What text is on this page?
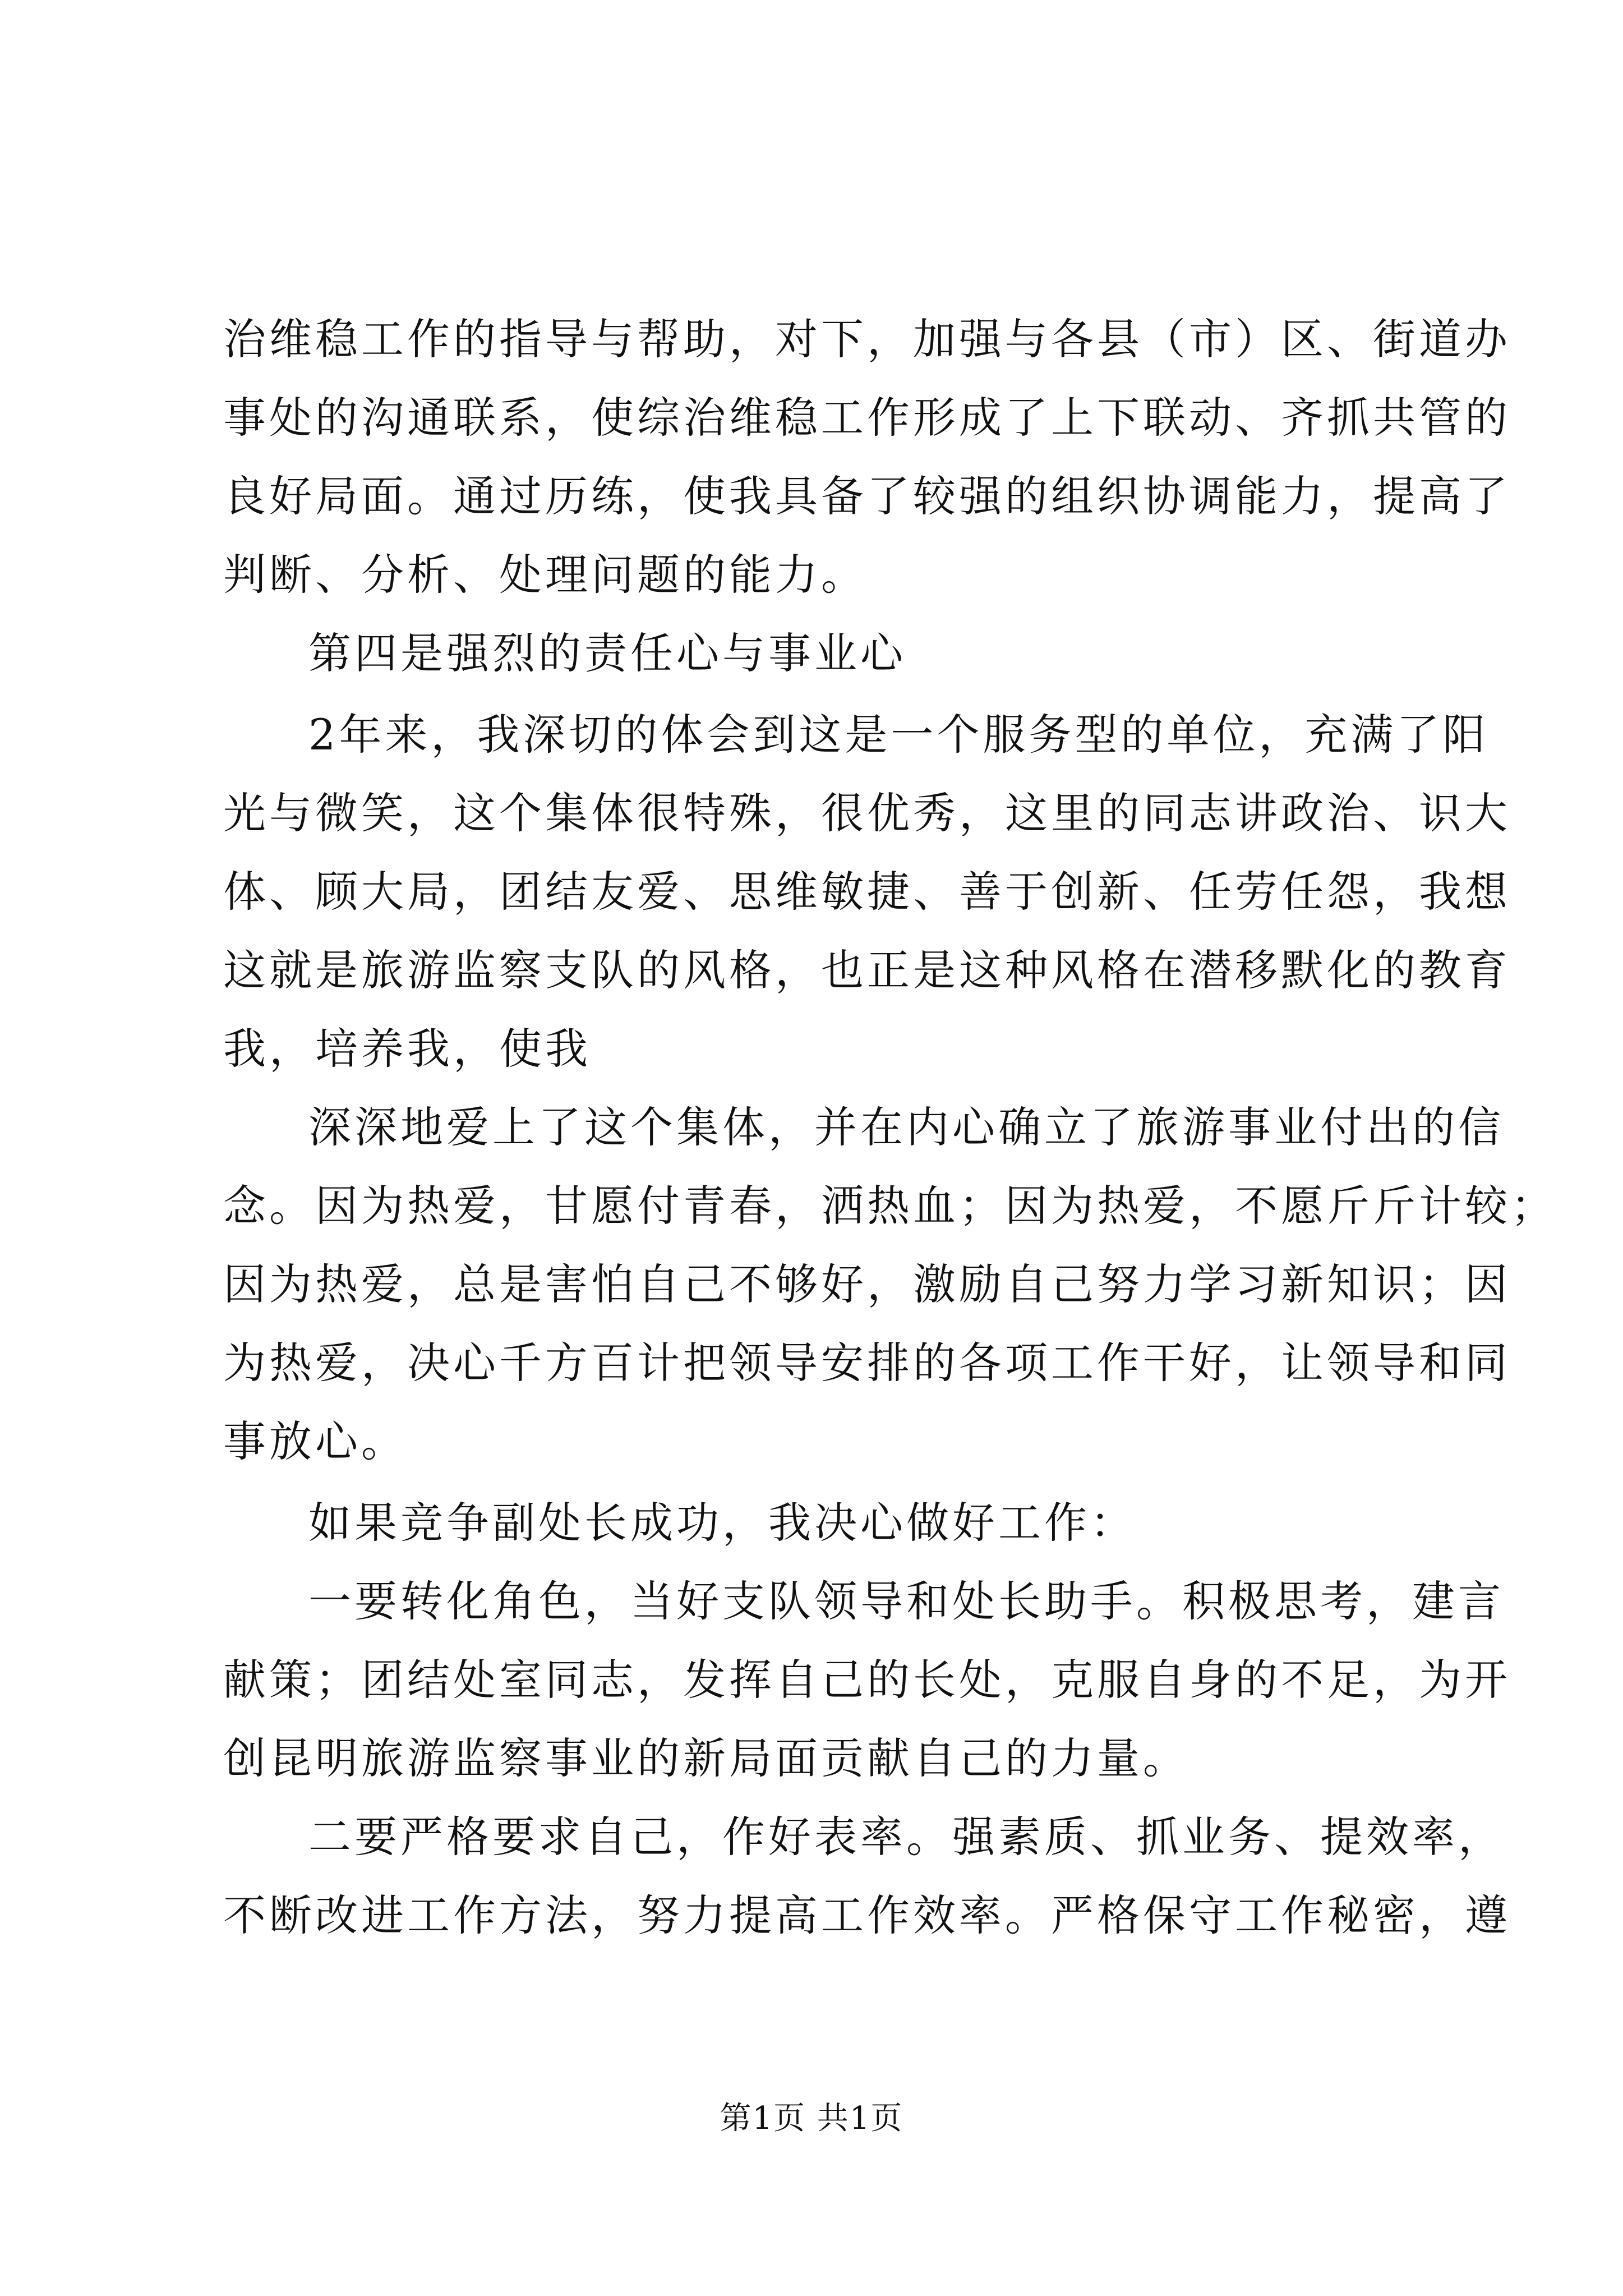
治维稳工作的指导与帮助，对下，加强与各县（市）区、街道办
事处的沟通联系，使综治维稳工作形成了上下联动、齐抓共管的
良好局面。通过历练，使我具备了较强的组织协调能力，提高了
判断、分析、处理问题的能力。
第四是强烈的责任心与事业心
2年来，我深切的体会到这是一个服务型的单位，充满了阳
光与微笑，这个集体很特殊，很优秀，这里的同志讲政治、识大
体、顾大局，团结友爱、思维敏捷、善于创新、任劳任怨，我想
这就是旅游监察支队的风格，也正是这种风格在潜移默化的教育
我，培养我，使我
深深地爱上了这个集体，并在内心确立了旅游事业付出的信
念。因为热爱，甘愿付青春，洒热血；因为热爱，不愿斤斤计较；
因为热爱，总是害怕自己不够好，激励自己努力学习新知识；因
为热爱，决心千方百计把领导安排的各项工作干好，让领导和同
事放心。
如果竞争副处长成功，我决心做好工作：
一要转化角色，当好支队领导和处长助手。积极思考，建言
献策；团结处室同志，发挥自己的长处，克服自身的不足，为开
创昆明旅游监察事业的新局面贡献自己的力量。
二要严格要求自己，作好表率。强素质、抓业务、提效率，
不断改进工作方法，努力提高工作效率。严格保守工作秘密，遵
第1页 共1页
